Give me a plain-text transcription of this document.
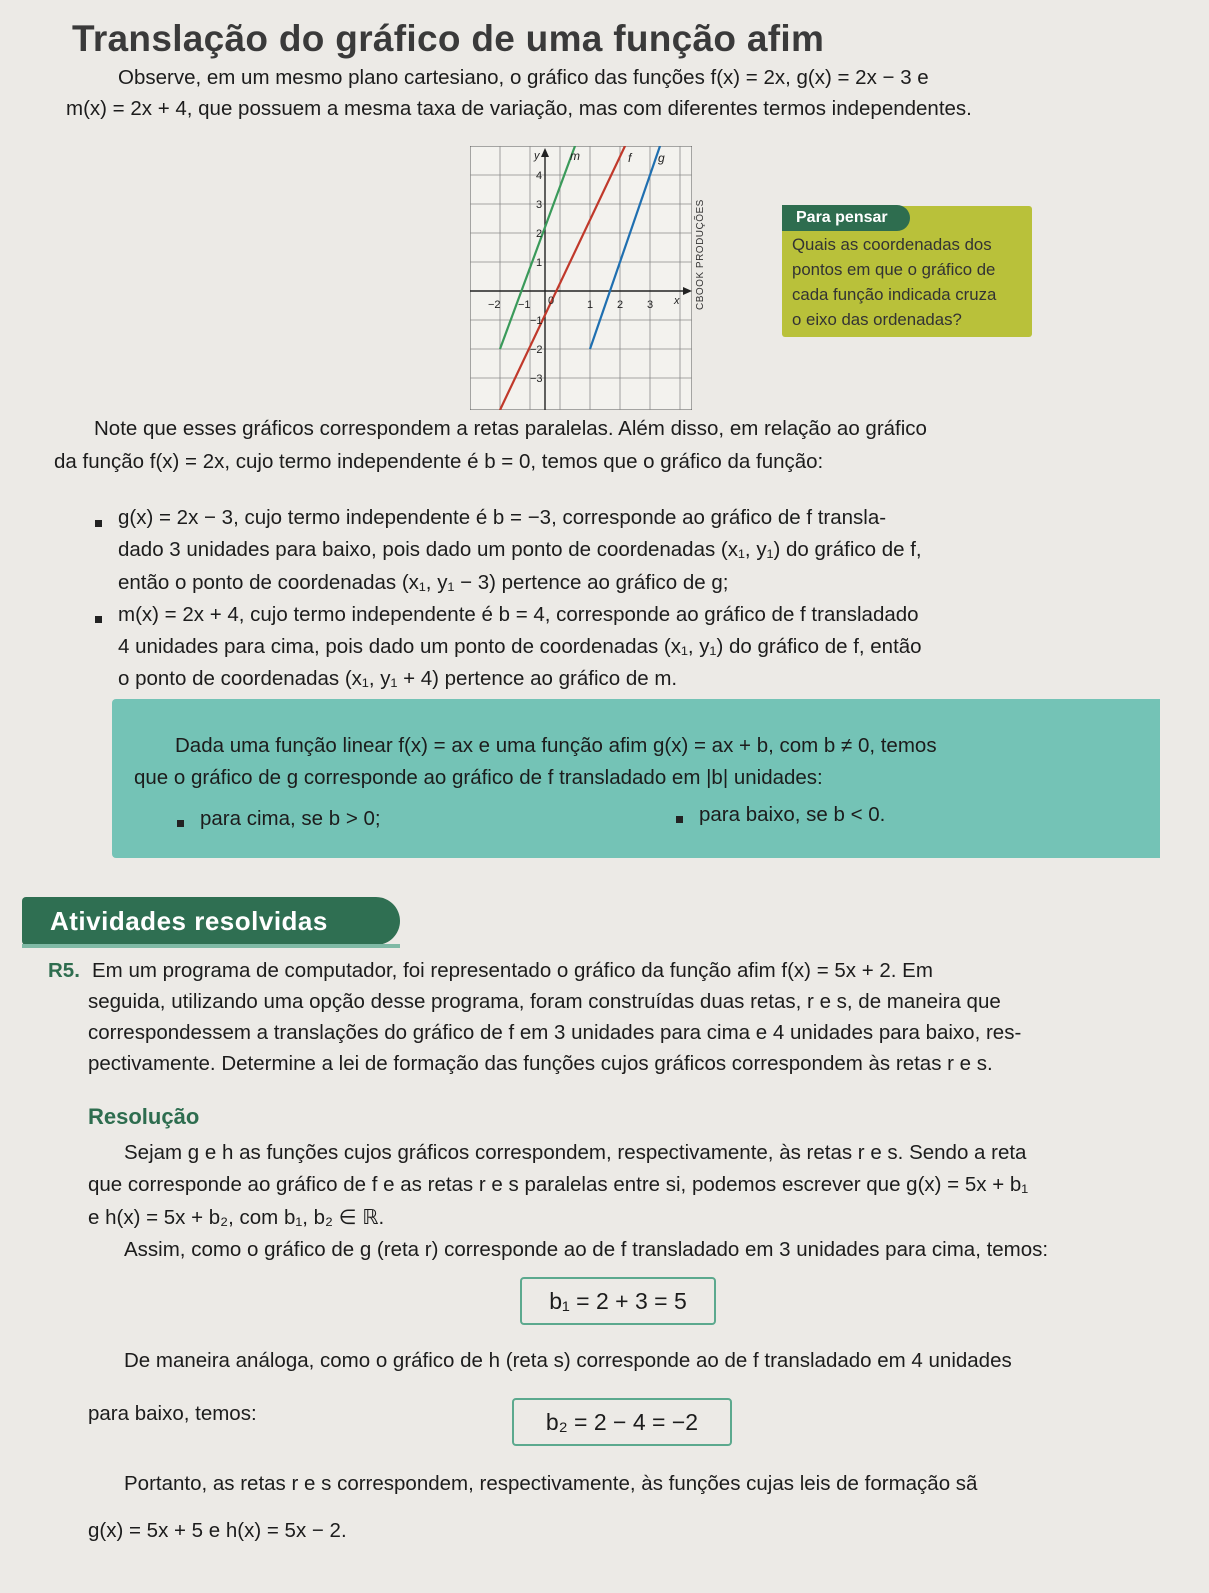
Translação do gráfico de uma função afim
Observe, em um mesmo plano cartesiano, o gráfico das funções f(x) = 2x, g(x) = 2x − 3 e
m(x) = 2x + 4, que possuem a mesma taxa de variação, mas com diferentes termos independentes.
−2 −1 0	1 2 3
4
3
2
1
−1
−2
−3
x
y	m	f g
CBOOK PRODUÇÕES	Para pensar
Quais as coordenadas dos
pontos em que o gráfico de
cada função indicada cruza
o eixo das ordenadas?
Note que esses gráficos correspondem a retas paralelas. Além disso, em relação ao gráfico
da função f(x) = 2x, cujo termo independente é b = 0, temos que o gráfico da função:
g(x) = 2x − 3, cujo termo independente é b = −3, corresponde ao gráfico de f transla-
dado 3 unidades para baixo, pois dado um ponto de coordenadas (x₁, y₁) do gráfico de f,
então o ponto de coordenadas (x₁, y₁ − 3) pertence ao gráfico de g;
m(x) = 2x + 4, cujo termo independente é b = 4, corresponde ao gráfico de f transladado
4 unidades para cima, pois dado um ponto de coordenadas (x₁, y₁) do gráfico de f, então
o ponto de coordenadas (x₁, y₁ + 4) pertence ao gráfico de m.
Dada uma função linear f(x) = ax e uma função afim g(x) = ax + b, com b ≠ 0, temos
que o gráfico de g corresponde ao gráfico de f transladado em |b| unidades:
para cima, se b > 0;	para baixo, se b < 0.
Atividades resolvidas
R5. Em um programa de computador, foi representado o gráfico da função afim f(x) = 5x + 2. Em
seguida, utilizando uma opção desse programa, foram construídas duas retas, r e s, de maneira que
correspondessem a translações do gráfico de f em 3 unidades para cima e 4 unidades para baixo, res-
pectivamente. Determine a lei de formação das funções cujos gráficos correspondem às retas r e s.
Resolução
Sejam g e h as funções cujos gráficos correspondem, respectivamente, às retas r e s. Sendo a reta
que corresponde ao gráfico de f e as retas r e s paralelas entre si, podemos escrever que g(x) = 5x + b₁
e h(x) = 5x + b₂, com b₁, b₂ ∈ ℝ.
Assim, como o gráfico de g (reta r) corresponde ao de f transladado em 3 unidades para cima, temos:
b₁ = 2 + 3 = 5
De maneira análoga, como o gráfico de h (reta s) corresponde ao de f transladado em 4 unidades
para baixo, temos:	b₂ = 2 − 4 = −2
Portanto, as retas r e s correspondem, respectivamente, às funções cujas leis de formação sã
g(x) = 5x + 5 e h(x) = 5x − 2.
